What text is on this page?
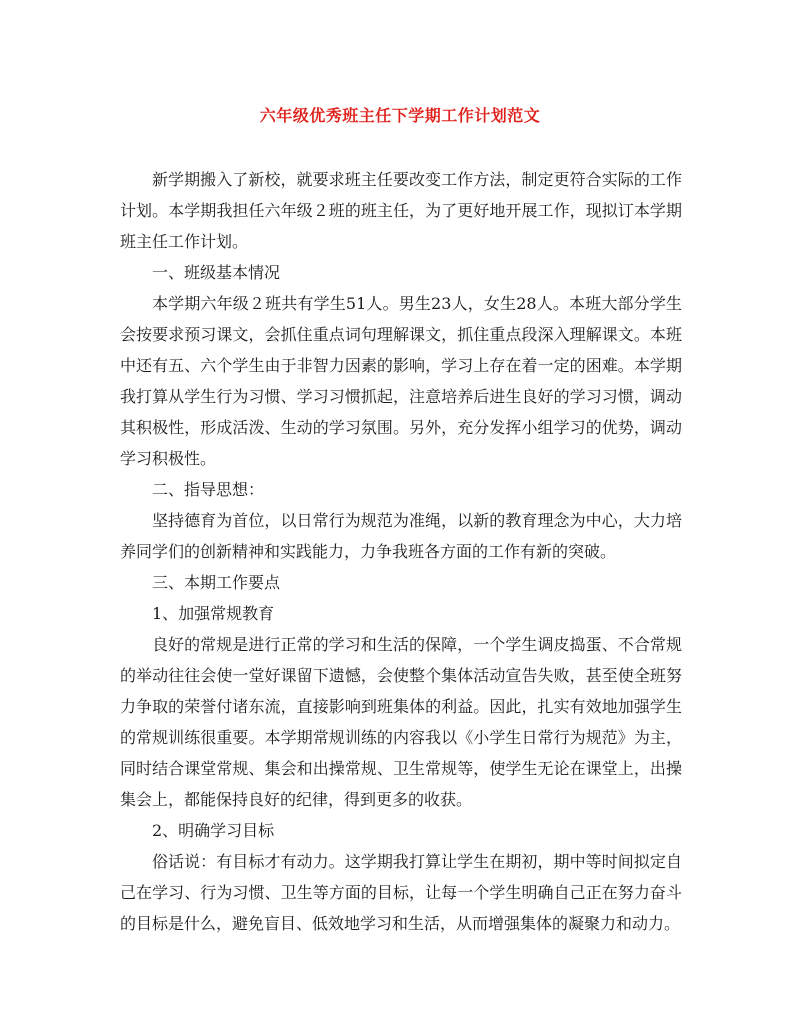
六年级优秀班主任下学期工作计划范文

新学期搬入了新校，就要求班主任要改变工作方法，制定更符合实际的工作计划。本学期我担任六年级２班的班主任，为了更好地开展工作，现拟订本学期班主任工作计划。

一、班级基本情况

本学期六年级２班共有学生51人。男生23人，女生28人。本班大部分学生会按要求预习课文，会抓住重点词句理解课文，抓住重点段深入理解课文。本班中还有五、六个学生由于非智力因素的影响，学习上存在着一定的困难。本学期我打算从学生行为习惯、学习习惯抓起，注意培养后进生良好的学习习惯，调动其积极性，形成活泼、生动的学习氛围。另外，充分发挥小组学习的优势，调动学习积极性。

二、指导思想：

坚持德育为首位，以日常行为规范为准绳，以新的教育理念为中心，大力培养同学们的创新精神和实践能力，力争我班各方面的工作有新的突破。

三、本期工作要点

1、加强常规教育

良好的常规是进行正常的学习和生活的保障，一个学生调皮捣蛋、不合常规的举动往往会使一堂好课留下遗憾，会使整个集体活动宣告失败，甚至使全班努力争取的荣誉付诸东流，直接影响到班集体的利益。因此，扎实有效地加强学生的常规训练很重要。本学期常规训练的内容我以《小学生日常行为规范》为主，同时结合课堂常规、集会和出操常规、卫生常规等，使学生无论在课堂上，出操集会上，都能保持良好的纪律，得到更多的收获。

2、明确学习目标

俗话说：有目标才有动力。这学期我打算让学生在期初，期中等时间拟定自己在学习、行为习惯、卫生等方面的目标，让每一个学生明确自己正在努力奋斗的目标是什么，避免盲目、低效地学习和生活，从而增强集体的凝聚力和动力。
